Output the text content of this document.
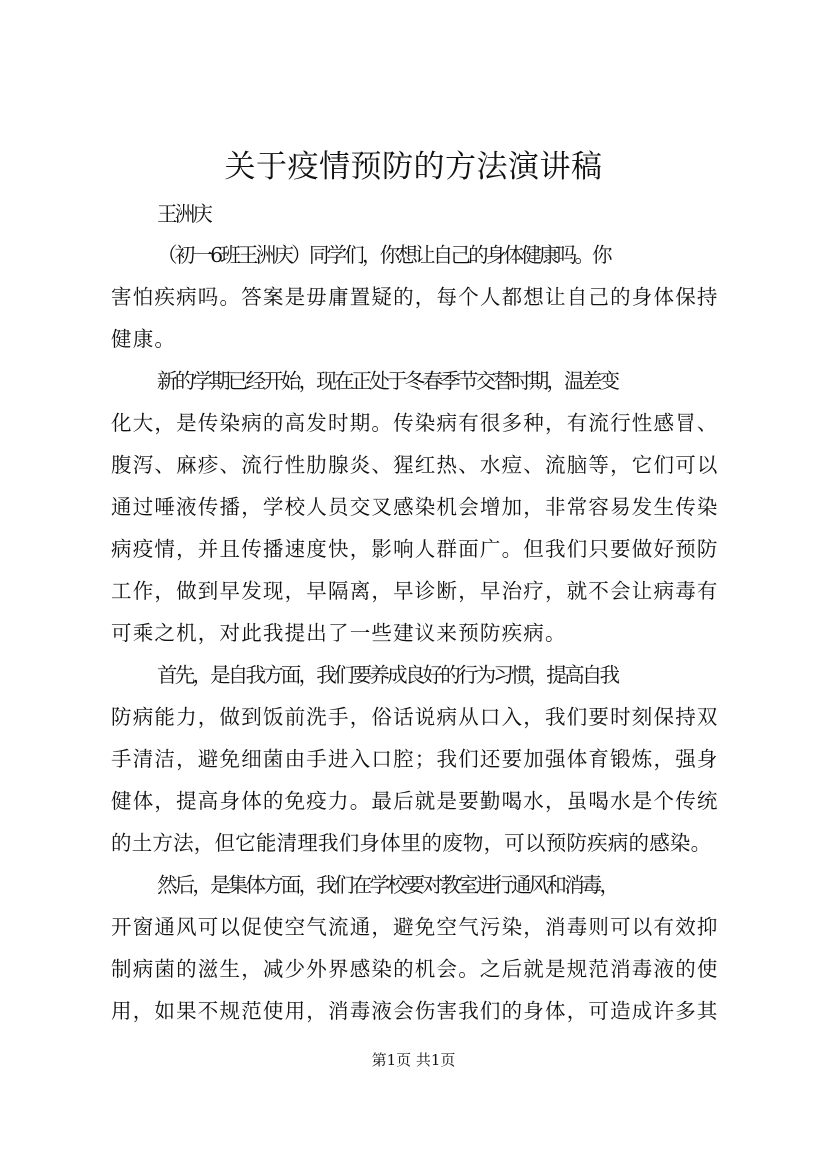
关于疫情预防的方法演讲稿

王洲庆

（初一6班王洲庆）同学们，你想让自己的身体健康吗。你

害怕疾病吗。答案是毋庸置疑的，每个人都想让自己的身体保持

健康。

新的学期已经开始，现在正处于冬春季节交替时期，温差变

化大，是传染病的高发时期。传染病有很多种，有流行性感冒、

腹泻、麻疹、流行性肋腺炎、猩红热、水痘、流脑等，它们可以

通过唾液传播，学校人员交叉感染机会增加，非常容易发生传染

病疫情，并且传播速度快，影响人群面广。但我们只要做好预防

工作，做到早发现，早隔离，早诊断，早治疗，就不会让病毒有

可乘之机，对此我提出了一些建议来预防疾病。

首先，是自我方面，我们要养成良好的行为习惯，提高自我

防病能力，做到饭前洗手，俗话说病从口入，我们要时刻保持双

手清洁，避免细菌由手进入口腔；我们还要加强体育锻炼，强身

健体，提高身体的免疫力。最后就是要勤喝水，虽喝水是个传统

的土方法，但它能清理我们身体里的废物，可以预防疾病的感染。

然后，是集体方面，我们在学校要对教室进行通风和消毒，

开窗通风可以促使空气流通，避免空气污染，消毒则可以有效抑

制病菌的滋生，减少外界感染的机会。之后就是规范消毒液的使

用，如果不规范使用，消毒液会伤害我们的身体，可造成许多其

第1页 共1页
